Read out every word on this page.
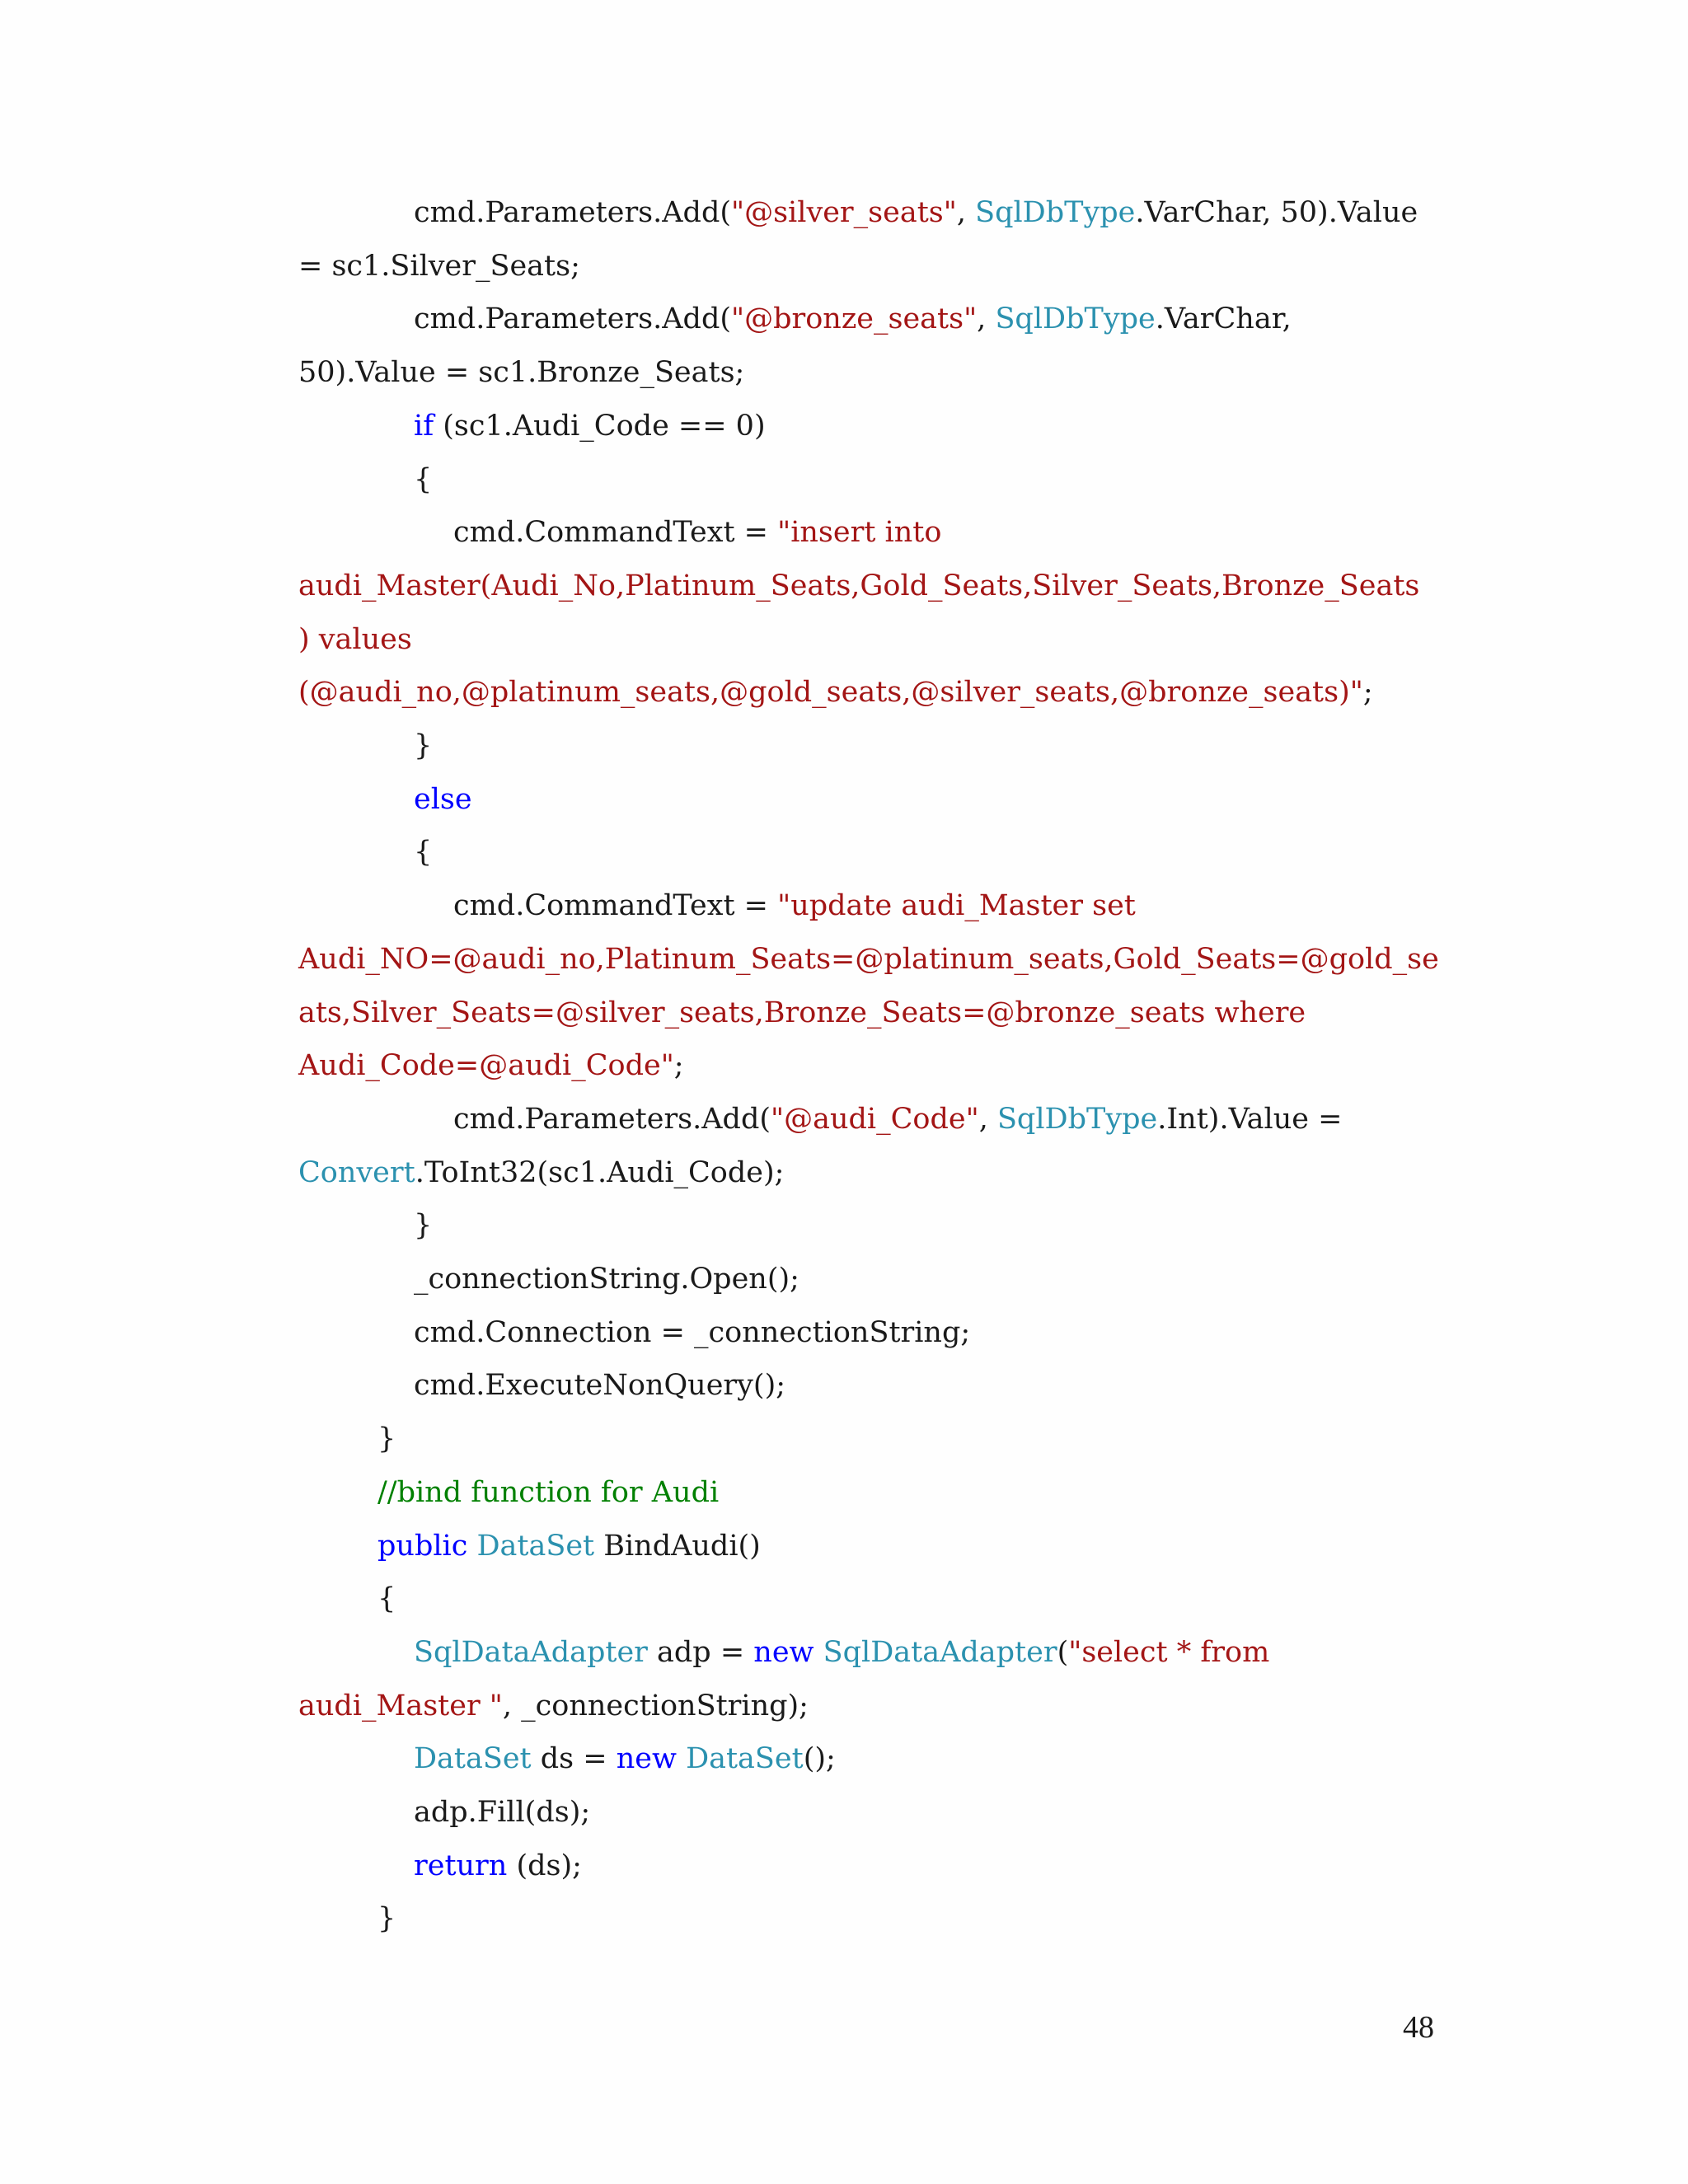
cmd.Parameters.Add("@silver_seats", SqlDbType.VarChar, 50).Value
= sc1.Silver_Seats;
cmd.Parameters.Add("@bronze_seats", SqlDbType.VarChar,
50).Value = sc1.Bronze_Seats;
if (sc1.Audi_Code == 0)
{
cmd.CommandText = "insert into
audi_Master(Audi_No,Platinum_Seats,Gold_Seats,Silver_Seats,Bronze_Seats
) values
(@audi_no,@platinum_seats,@gold_seats,@silver_seats,@bronze_seats)";
}
else
{
cmd.CommandText = "update audi_Master set
Audi_NO=@audi_no,Platinum_Seats=@platinum_seats,Gold_Seats=@gold_se
ats,Silver_Seats=@silver_seats,Bronze_Seats=@bronze_seats where
Audi_Code=@audi_Code";
cmd.Parameters.Add("@audi_Code", SqlDbType.Int).Value =
Convert.ToInt32(sc1.Audi_Code);
}
_connectionString.Open();
cmd.Connection = _connectionString;
cmd.ExecuteNonQuery();
}
//bind function for Audi
public DataSet BindAudi()
{
SqlDataAdapter adp = new SqlDataAdapter("select * from
audi_Master ", _connectionString);
DataSet ds = new DataSet();
adp.Fill(ds);
return (ds);
}
48
